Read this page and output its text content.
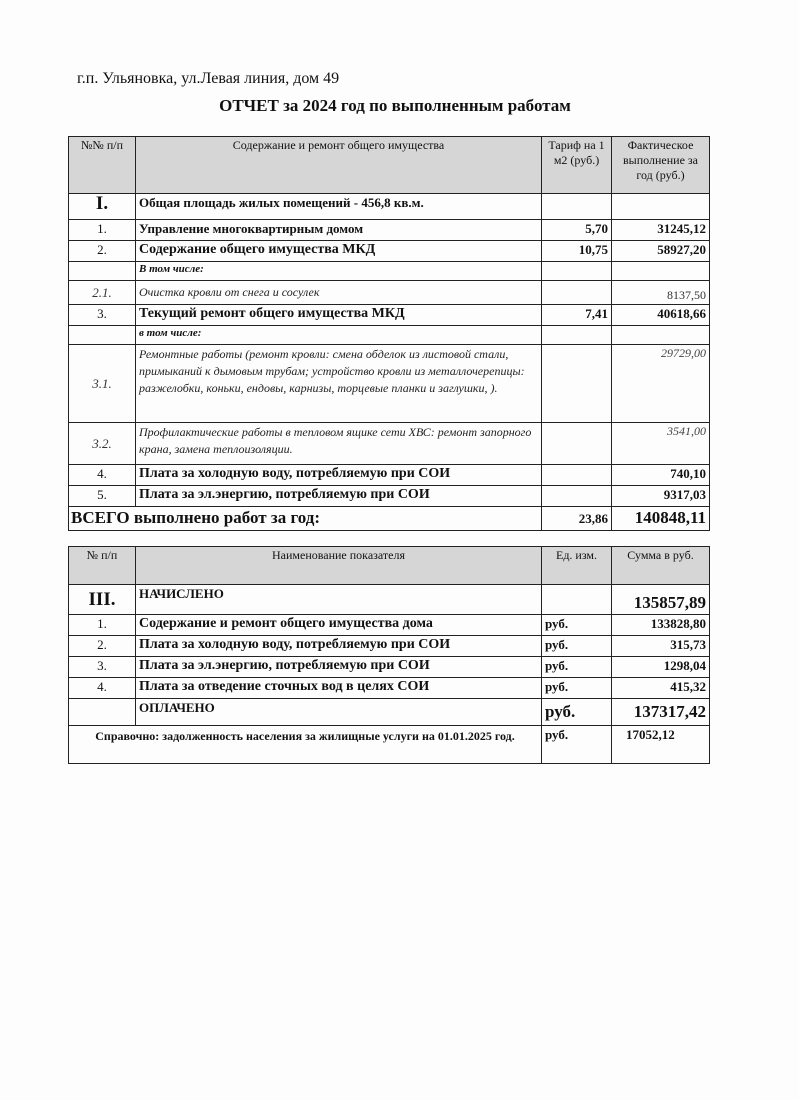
г.п. Ульяновка, ул.Левая линия, дом 49
ОТЧЕТ за 2024 год по выполненным работам
№№ п/п	Содержание и ремонт общего имущества	Тариф на 1 м2 (руб.)	Фактическое выполнение за год (руб.)
I.	Общая площадь жилых помещений - 456,8 кв.м.		
1.	Управление многоквартирным домом	5,70	31245,12
2.	Содержание общего имущества МКД	10,75	58927,20
	В том числе:		
2.1.	Очистка кровли от снега и сосулек		8137,50
3.	Текущий ремонт общего имущества МКД	7,41	40618,66
	в том числе:		
3.1.	Ремонтные работы (ремонт кровли: смена обделок из листовой стали, примыканий к дымовым трубам; устройство кровли из металлочерепицы: разжелобки, коньки, ендовы, карнизы, торцевые планки и заглушки, ).		29729,00
3.2.	Профилактические работы в тепловом ящике сети ХВС: ремонт запорного крана, замена теплоизоляции.		3541,00
4.	Плата за холодную воду, потребляемую при СОИ		740,10
5.	Плата за эл.энергию, потребляемую при СОИ		9317,03
ВСЕГО выполнено работ за год:		23,86	140848,11
№ п/п	Наименование показателя	Ед. изм.	Сумма в руб.
III.	НАЧИСЛЕНО		135857,89
1.	Содержание и ремонт общего имущества дома	руб.	133828,80
2.	Плата за холодную воду, потребляемую при СОИ	руб.	315,73
3.	Плата за эл.энергию, потребляемую при СОИ	руб.	1298,04
4.	Плата за отведение сточных вод в целях СОИ	руб.	415,32
	ОПЛАЧЕНО	руб.	137317,42
Справочно: задолженность населения за жилищные услуги на 01.01.2025 год.		руб.	17052,12
